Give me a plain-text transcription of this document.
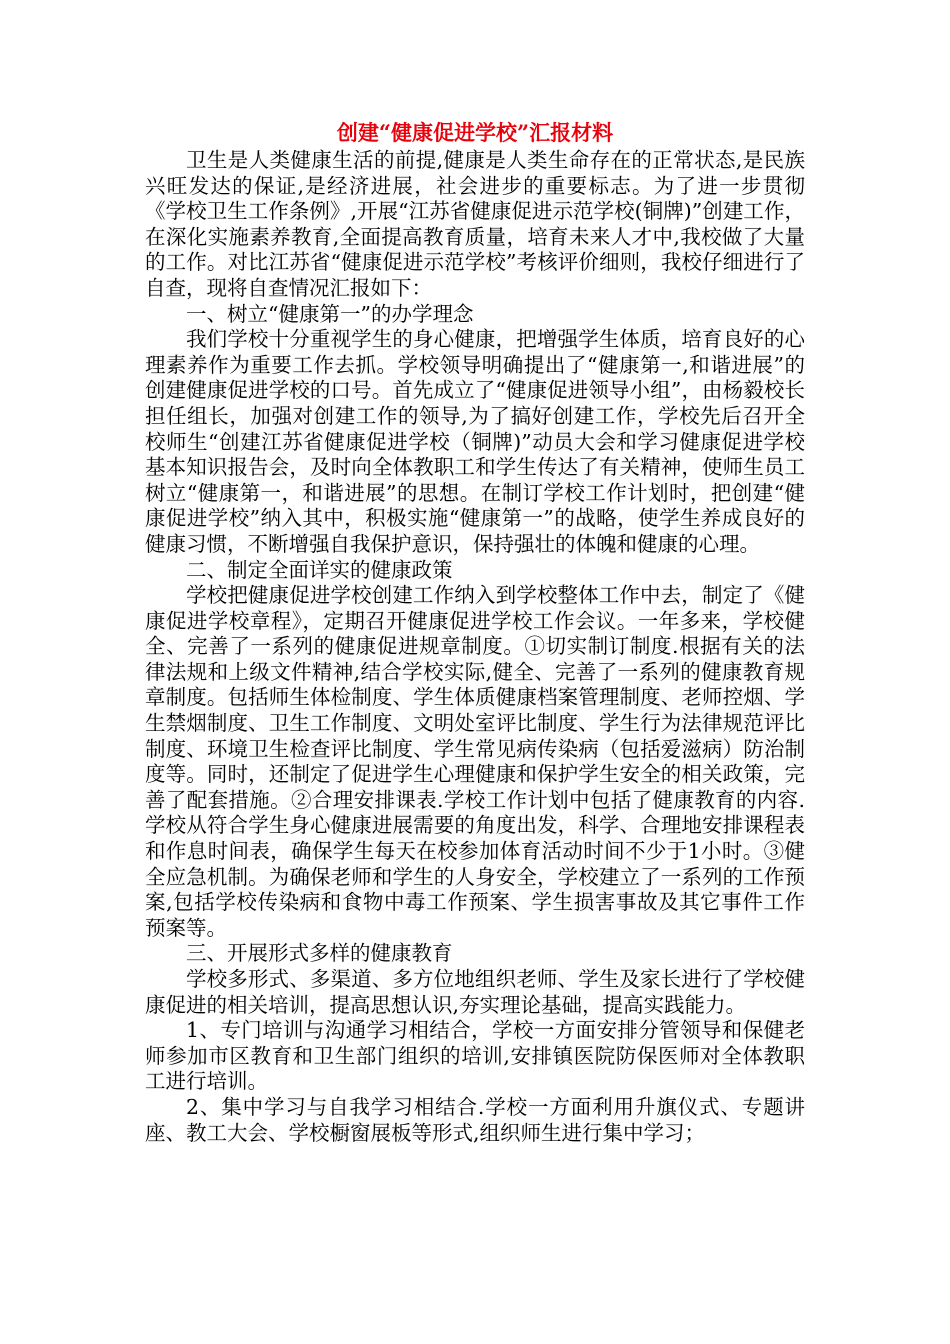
创建“健康促进学校”汇报材料

卫生是人类健康生活的前提,健康是人类生命存在的正常状态,是民族兴旺发达的保证,是经济进展，社会进步的重要标志。为了进一步贯彻《学校卫生工作条例》,开展“江苏省健康促进示范学校(铜牌)”创建工作，在深化实施素养教育,全面提高教育质量，培育未来人才中,我校做了大量的工作。对比江苏省“健康促进示范学校”考核评价细则，我校仔细进行了自查，现将自查情况汇报如下：

一、树立“健康第一”的办学理念

我们学校十分重视学生的身心健康，把增强学生体质，培育良好的心理素养作为重要工作去抓。学校领导明确提出了“健康第一,和谐进展”的创建健康促进学校的口号。首先成立了“健康促进领导小组”，由杨毅校长担任组长，加强对创建工作的领导,为了搞好创建工作，学校先后召开全校师生“创建江苏省健康促进学校（铜牌)”动员大会和学习健康促进学校基本知识报告会，及时向全体教职工和学生传达了有关精神，使师生员工树立“健康第一，和谐进展”的思想。在制订学校工作计划时，把创建“健康促进学校”纳入其中，积极实施“健康第一”的战略，使学生养成良好的健康习惯，不断增强自我保护意识，保持强壮的体魄和健康的心理。

二、制定全面详实的健康政策

学校把健康促进学校创建工作纳入到学校整体工作中去，制定了《健康促进学校章程》，定期召开健康促进学校工作会议。一年多来，学校健全、完善了一系列的健康促进规章制度。①切实制订制度.根据有关的法律法规和上级文件精神,结合学校实际,健全、完善了一系列的健康教育规章制度。包括师生体检制度、学生体质健康档案管理制度、老师控烟、学生禁烟制度、卫生工作制度、文明处室评比制度、学生行为法律规范评比制度、环境卫生检查评比制度、学生常见病传染病（包括爱滋病）防治制度等。同时，还制定了促进学生心理健康和保护学生安全的相关政策，完善了配套措施。②合理安排课表.学校工作计划中包括了健康教育的内容.学校从符合学生身心健康进展需要的角度出发，科学、合理地安排课程表和作息时间表，确保学生每天在校参加体育活动时间不少于1小时。③健全应急机制。为确保老师和学生的人身安全，学校建立了一系列的工作预案,包括学校传染病和食物中毒工作预案、学生损害事故及其它事件工作预案等。

三、开展形式多样的健康教育

学校多形式、多渠道、多方位地组织老师、学生及家长进行了学校健康促进的相关培训，提高思想认识,夯实理论基础，提高实践能力。

1、专门培训与沟通学习相结合，学校一方面安排分管领导和保健老师参加市区教育和卫生部门组织的培训,安排镇医院防保医师对全体教职工进行培训。

2、集中学习与自我学习相结合.学校一方面利用升旗仪式、专题讲座、教工大会、学校橱窗展板等形式,组织师生进行集中学习；
